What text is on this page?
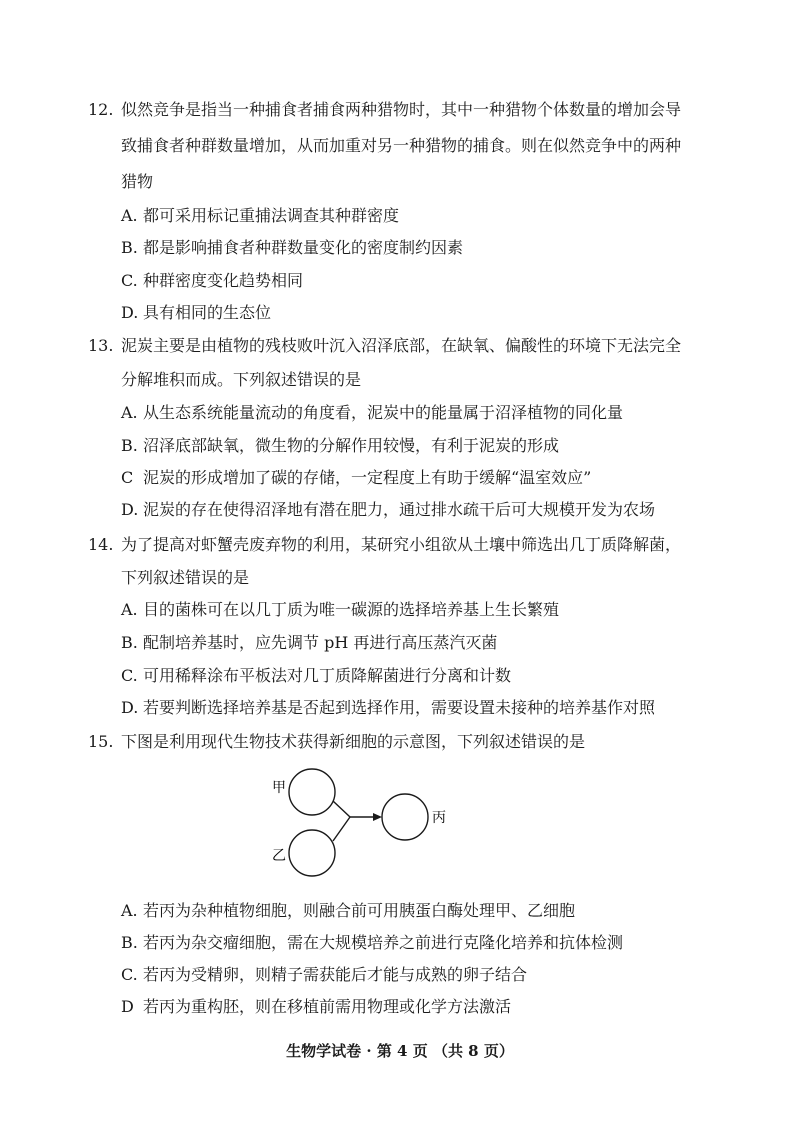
12. 似然竞争是指当一种捕食者捕食两种猎物时，其中一种猎物个体数量的增加会导
致捕食者种群数量增加，从而加重对另一种猎物的捕食。则在似然竞争中的两种
猎物
A. 都可采用标记重捕法调查其种群密度
B. 都是影响捕食者种群数量变化的密度制约因素
C. 种群密度变化趋势相同
D. 具有相同的生态位
13. 泥炭主要是由植物的残枝败叶沉入沼泽底部，在缺氧、偏酸性的环境下无法完全
分解堆积而成。下列叙述错误的是
A. 从生态系统能量流动的角度看，泥炭中的能量属于沼泽植物的同化量
B. 沼泽底部缺氧，微生物的分解作用较慢，有利于泥炭的形成
C 泥炭的形成增加了碳的存储，一定程度上有助于缓解“温室效应”
D. 泥炭的存在使得沼泽地有潜在肥力，通过排水疏干后可大规模开发为农场
14. 为了提高对虾蟹壳废弃物的利用，某研究小组欲从土壤中筛选出几丁质降解菌，
下列叙述错误的是
A. 目的菌株可在以几丁质为唯一碳源的选择培养基上生长繁殖
B. 配制培养基时，应先调节 pH 再进行高压蒸汽灭菌
C. 可用稀释涂布平板法对几丁质降解菌进行分离和计数
D. 若要判断选择培养基是否起到选择作用，需要设置未接种的培养基作对照
15. 下图是利用现代生物技术获得新细胞的示意图，下列叙述错误的是
甲
乙
丙
A. 若丙为杂种植物细胞，则融合前可用胰蛋白酶处理甲、乙细胞
B. 若丙为杂交瘤细胞，需在大规模培养之前进行克隆化培养和抗体检测
C. 若丙为受精卵，则精子需获能后才能与成熟的卵子结合
D 若丙为重构胚，则在移植前需用物理或化学方法激活
生物学试卷 · 第 4 页 （共 8 页）
